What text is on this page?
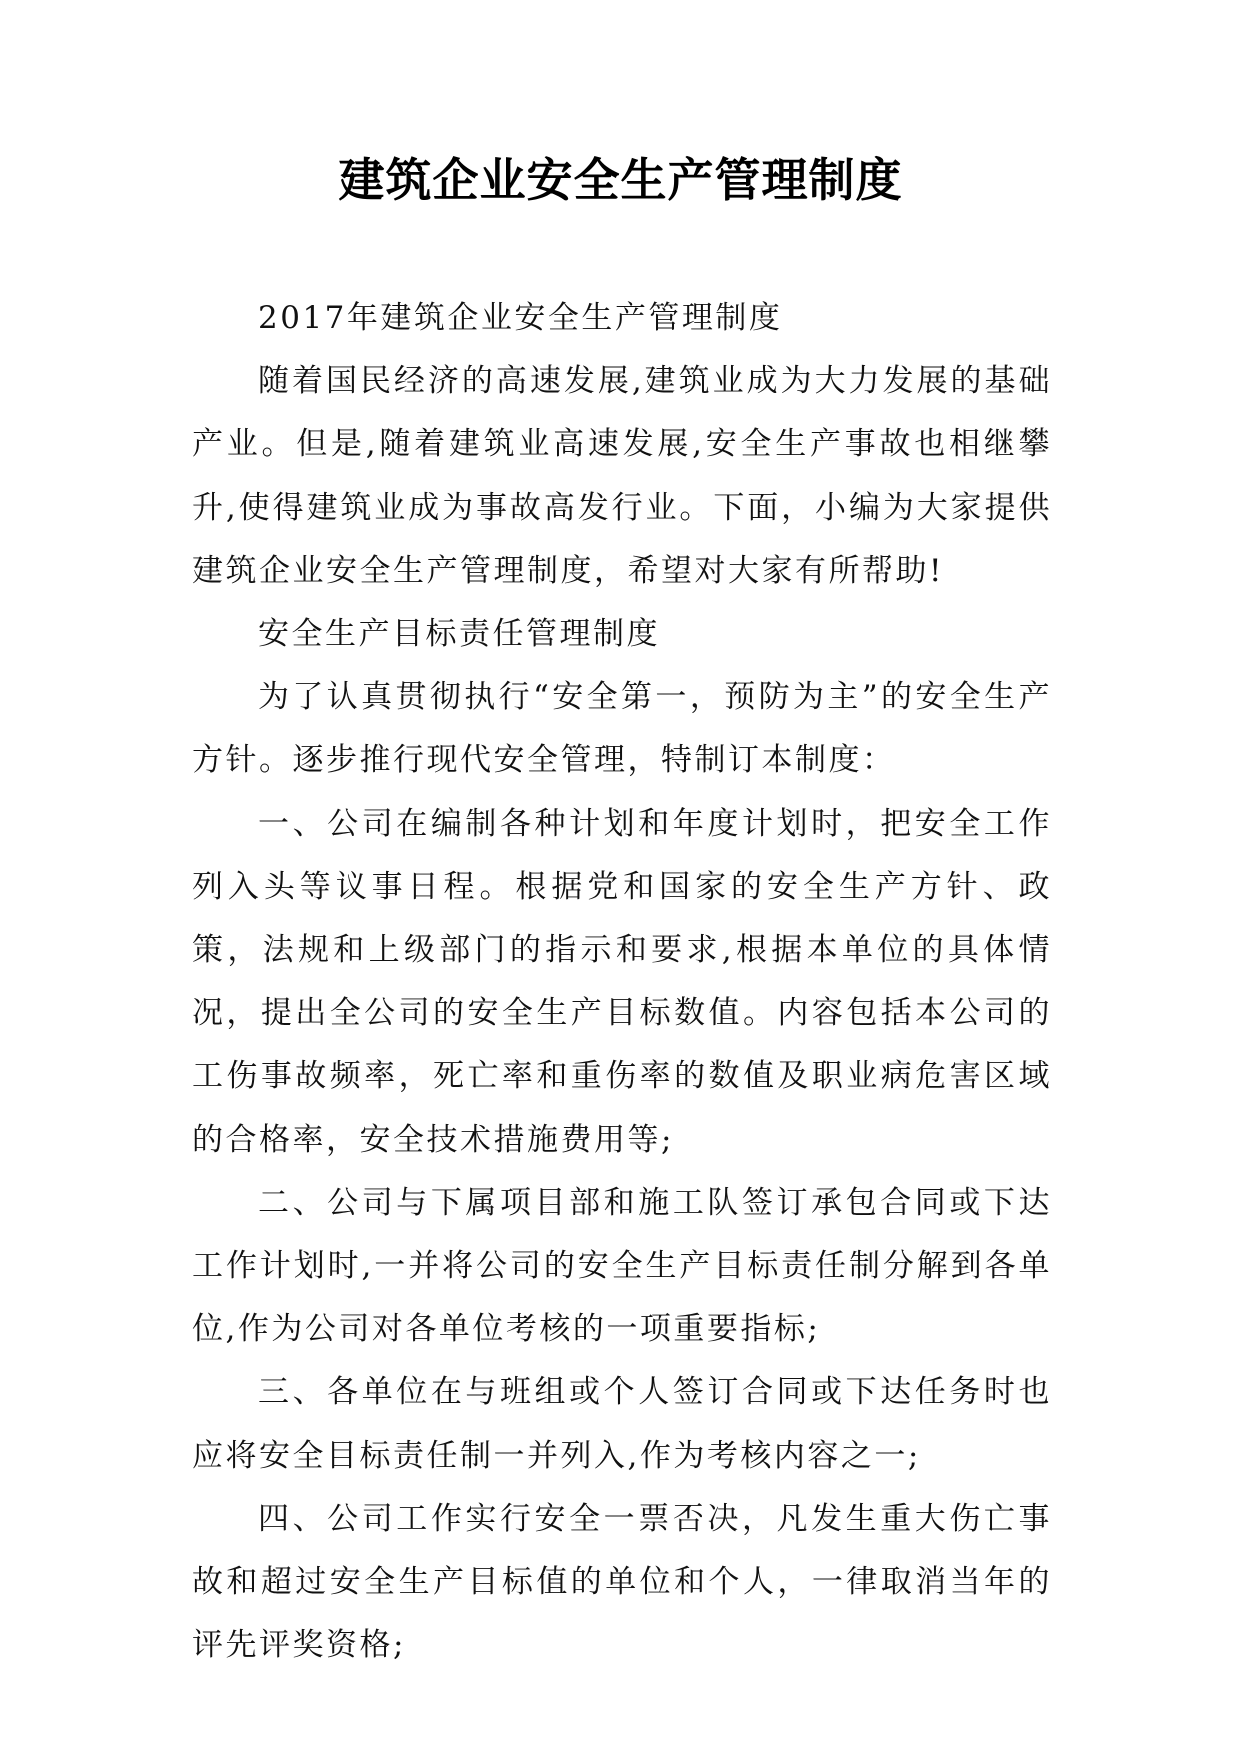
建筑企业安全生产管理制度

2017年建筑企业安全生产管理制度

随着国民经济的高速发展,建筑业成为大力发展的基础产业。但是,随着建筑业高速发展,安全生产事故也相继攀升,使得建筑业成为事故高发行业。下面，小编为大家提供建筑企业安全生产管理制度，希望对大家有所帮助!

安全生产目标责任管理制度

为了认真贯彻执行“安全第一，预防为主”的安全生产方针。逐步推行现代安全管理，特制订本制度：

一、公司在编制各种计划和年度计划时，把安全工作列入头等议事日程。根据党和国家的安全生产方针、政策，法规和上级部门的指示和要求,根据本单位的具体情况，提出全公司的安全生产目标数值。内容包括本公司的工伤事故频率，死亡率和重伤率的数值及职业病危害区域的合格率，安全技术措施费用等;

二、公司与下属项目部和施工队签订承包合同或下达工作计划时,一并将公司的安全生产目标责任制分解到各单位,作为公司对各单位考核的一项重要指标;

三、各单位在与班组或个人签订合同或下达任务时也应将安全目标责任制一并列入,作为考核内容之一;

四、公司工作实行安全一票否决，凡发生重大伤亡事故和超过安全生产目标值的单位和个人，一律取消当年的评先评奖资格;
